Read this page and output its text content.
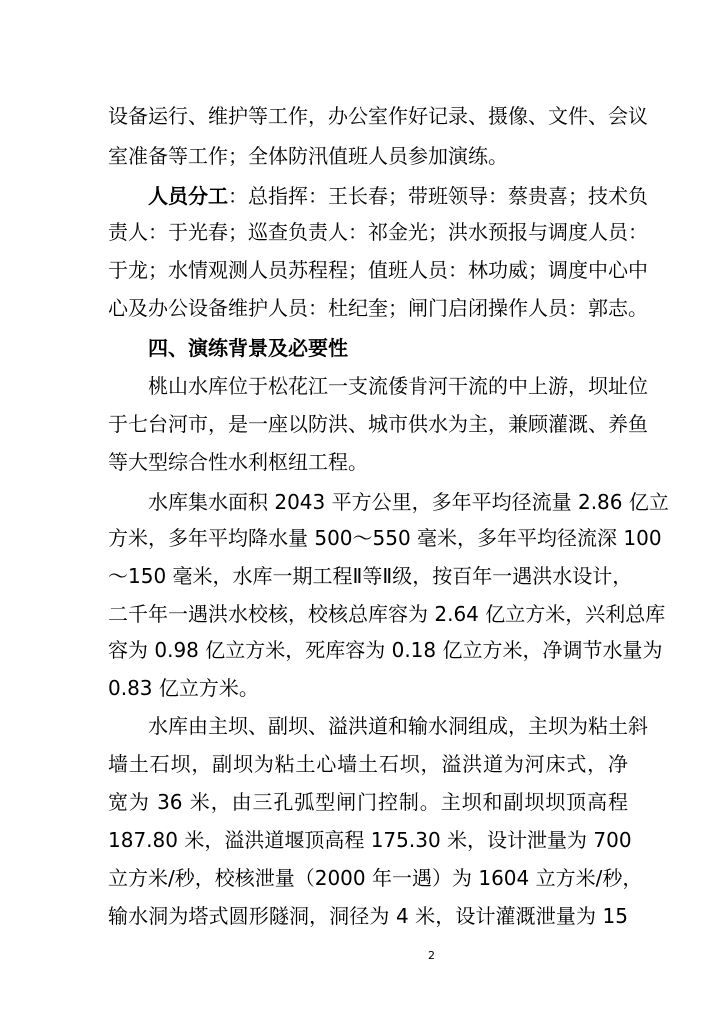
设备运行、维护等工作，办公室作好记录、摄像、文件、会议
室准备等工作；全体防汛值班人员参加演练。
人员分工：总指挥：王长春；带班领导：蔡贵喜；技术负
责人：于光春；巡查负责人：祁金光；洪水预报与调度人员：
于龙；水情观测人员苏程程；值班人员：林功威；调度中心中
心及办公设备维护人员：杜纪奎；闸门启闭操作人员：郭志。
四、演练背景及必要性
桃山水库位于松花江一支流倭肯河干流的中上游，坝址位
于七台河市，是一座以防洪、城市供水为主，兼顾灌溉、养鱼
等大型综合性水利枢纽工程。
水库集水面积 2043 平方公里，多年平均径流量 2.86 亿立
方米，多年平均降水量 500～550 毫米，多年平均径流深 100
～150 毫米，水库一期工程Ⅱ等Ⅱ级，按百年一遇洪水设计，
二千年一遇洪水校核，校核总库容为 2.64 亿立方米，兴利总库
容为 0.98 亿立方米，死库容为 0.18 亿立方米，净调节水量为
0.83 亿立方米。
水库由主坝、副坝、溢洪道和输水洞组成，主坝为粘土斜
墙土石坝，副坝为粘土心墙土石坝，溢洪道为河床式，净
宽为 36 米，由三孔弧型闸门控制。主坝和副坝坝顶高程
187.80 米，溢洪道堰顶高程 175.30 米，设计泄量为 700
立方米/秒，校核泄量（2000 年一遇）为 1604 立方米/秒，
输水洞为塔式圆形隧洞，洞径为 4 米，设计灌溉泄量为 15
2
